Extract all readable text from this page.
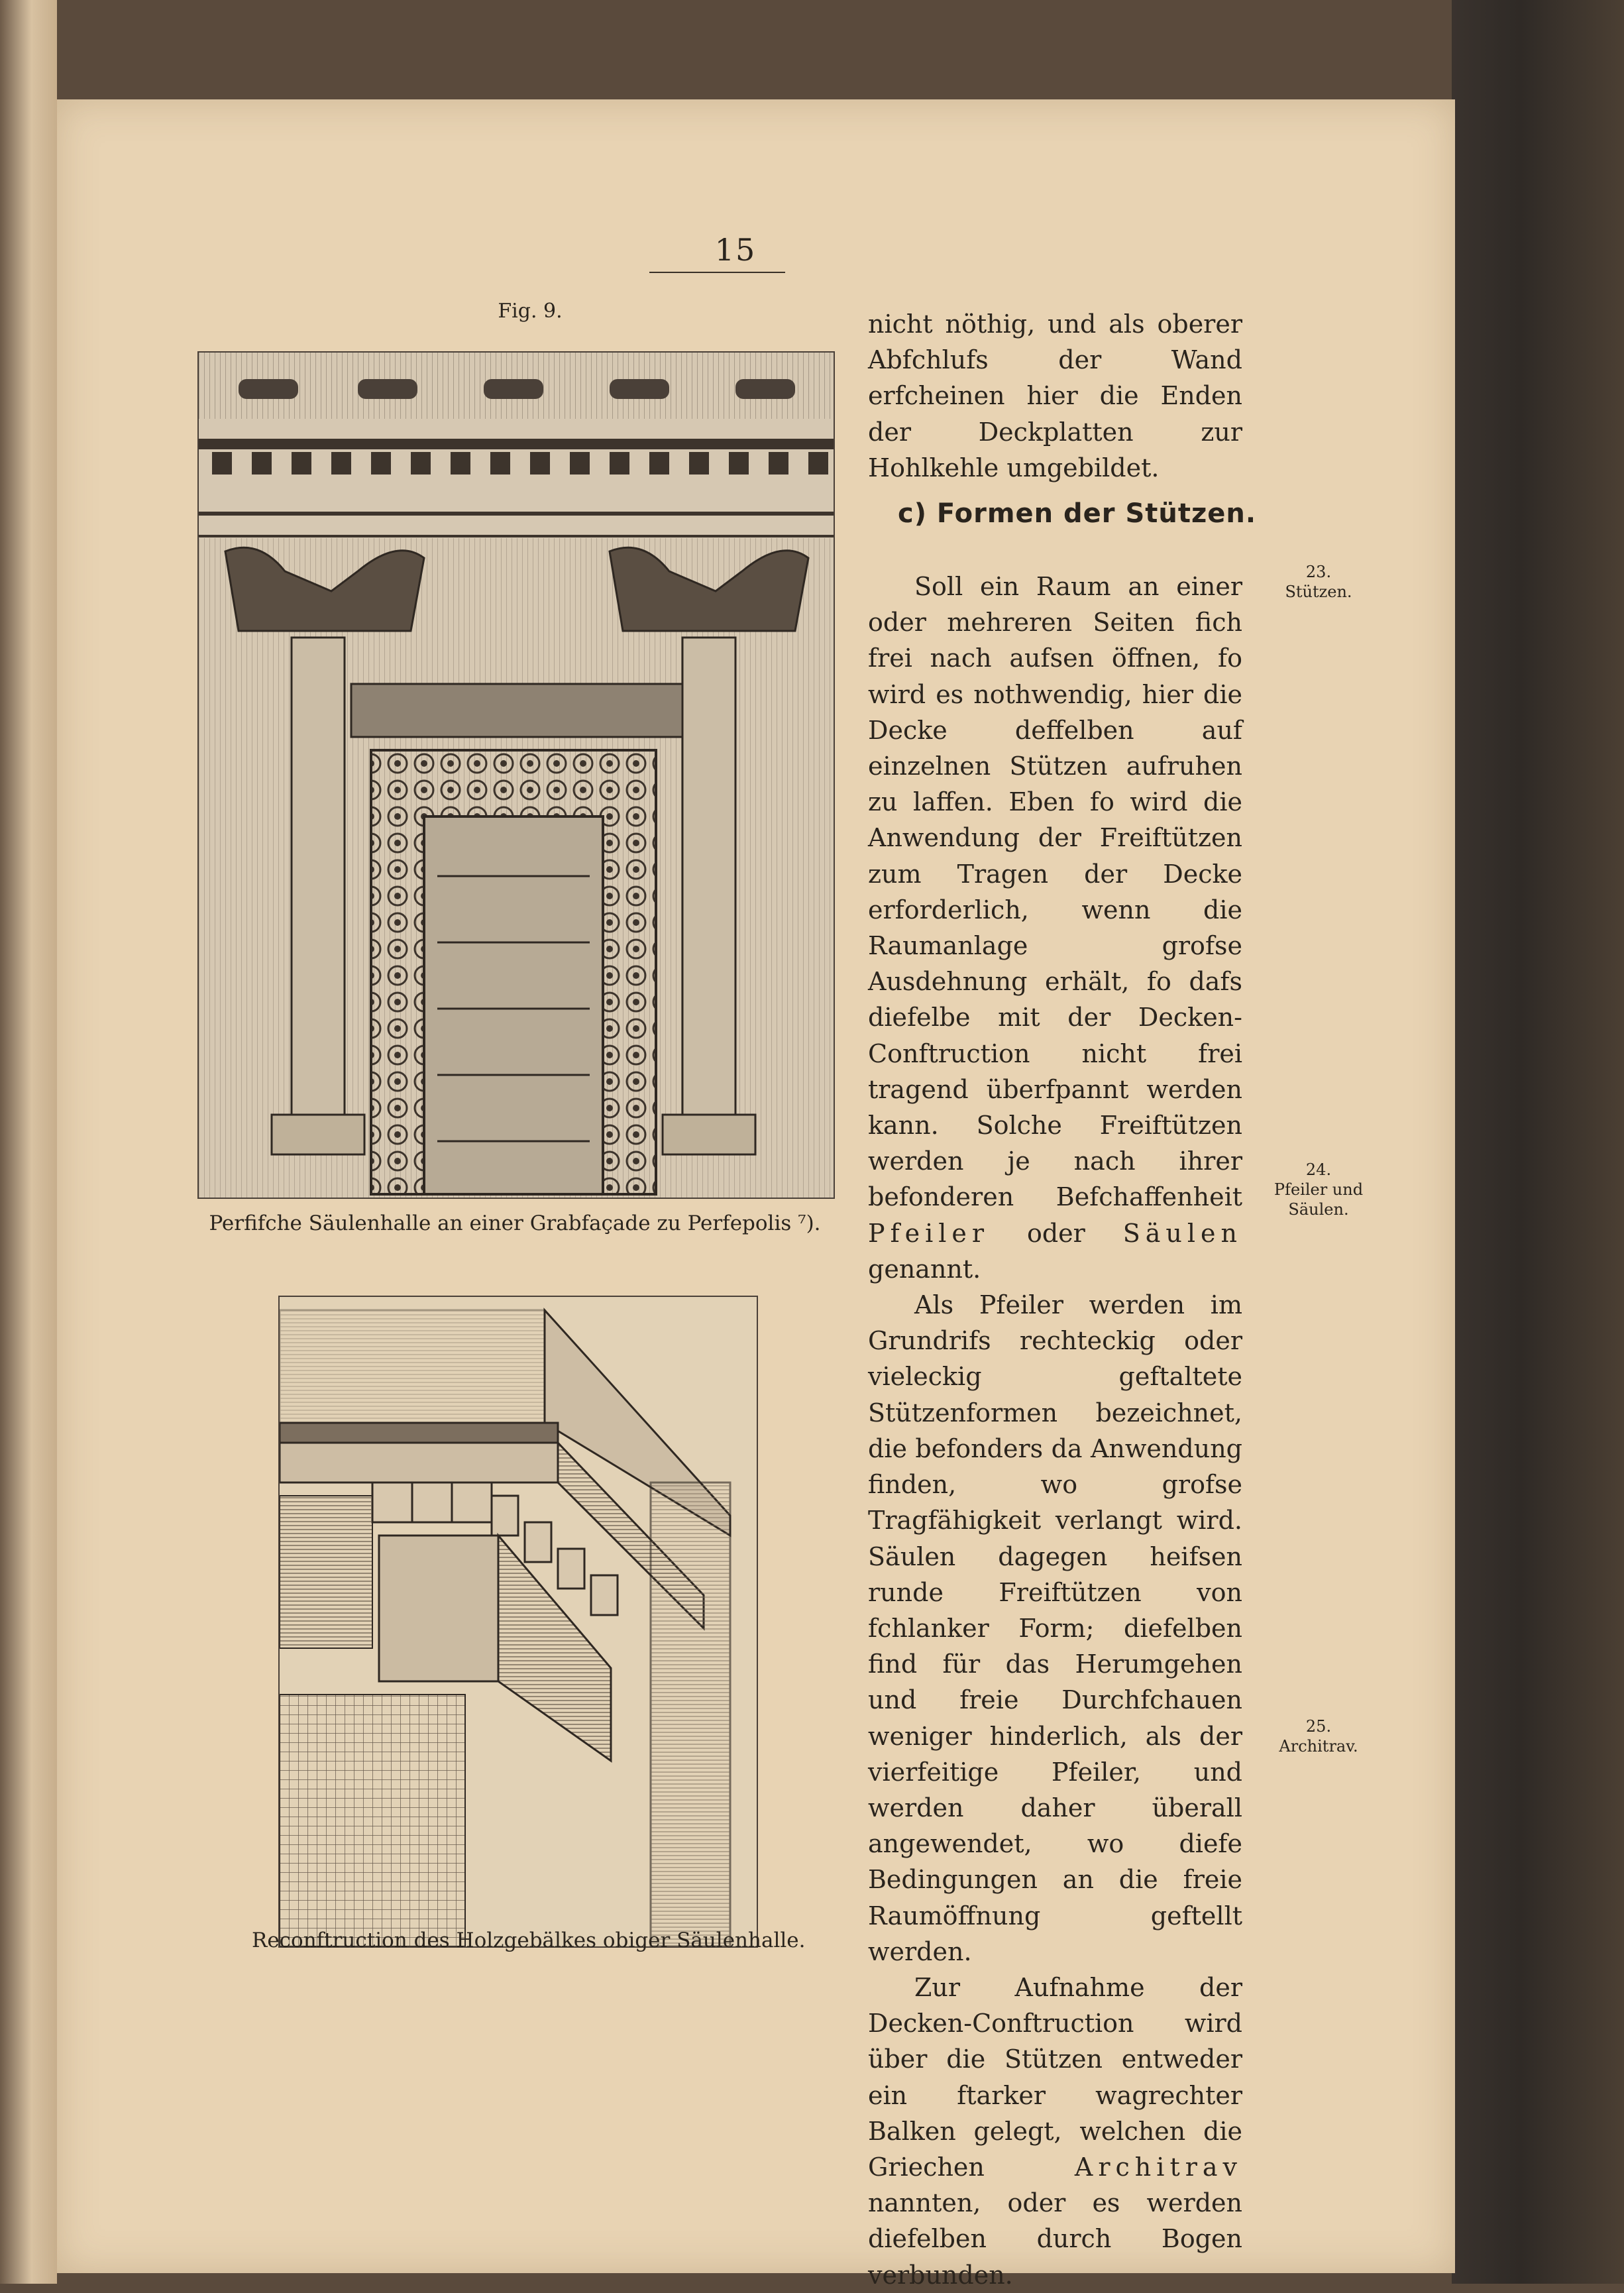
15
Fig. 9.
Perfifche Säulenhalle an einer Grabfaçade zu Perfepolis ⁷).
Reconftruction des Holzgebälkes obiger Säulenhalle.

nicht nöthig, und als oberer Abfchlufs der Wand erfcheinen hier die Enden der Deckplatten zur Hohlkehle umgebildet.

Soll ein Raum an einer oder mehreren Seiten fich frei nach aufsen öffnen, fo wird es nothwendig, hier die Decke deffelben auf einzelnen Stützen aufruhen zu laffen. Eben fo wird die Anwendung der Freiftützen zum Tragen der Decke erforderlich, wenn die Raumanlage grofse Ausdehnung erhält, fo dafs diefelbe mit der Decken-Conftruction nicht frei tragend überfpannt werden kann. Solche Freiftützen werden je nach ihrer befonderen Befchaffenheit Pfeiler oder Säulen genannt.

Als Pfeiler werden im Grundrifs rechteckig oder vieleckig geftaltete Stützenformen bezeichnet, die befonders da Anwendung finden, wo grofse Tragfähigkeit verlangt wird. Säulen dagegen heifsen runde Freiftützen von fchlanker Form; diefelben find für das Herumgehen und freie Durchfchauen weniger hinderlich, als der vierfeitige Pfeiler, und werden daher überall angewendet, wo diefe Bedingungen an die freie Raumöffnung geftellt werden.

Zur Aufnahme der Decken-Conftruction wird über die Stützen entweder ein ftarker wagrechter Balken gelegt, welchen die Griechen	Architrav nannten, oder es werden diefelben durch Bogen verbunden.

c) Formen der Stützen.
23.
Stützen.
24.
Pfeiler und Säulen.
25.
Architrav.
